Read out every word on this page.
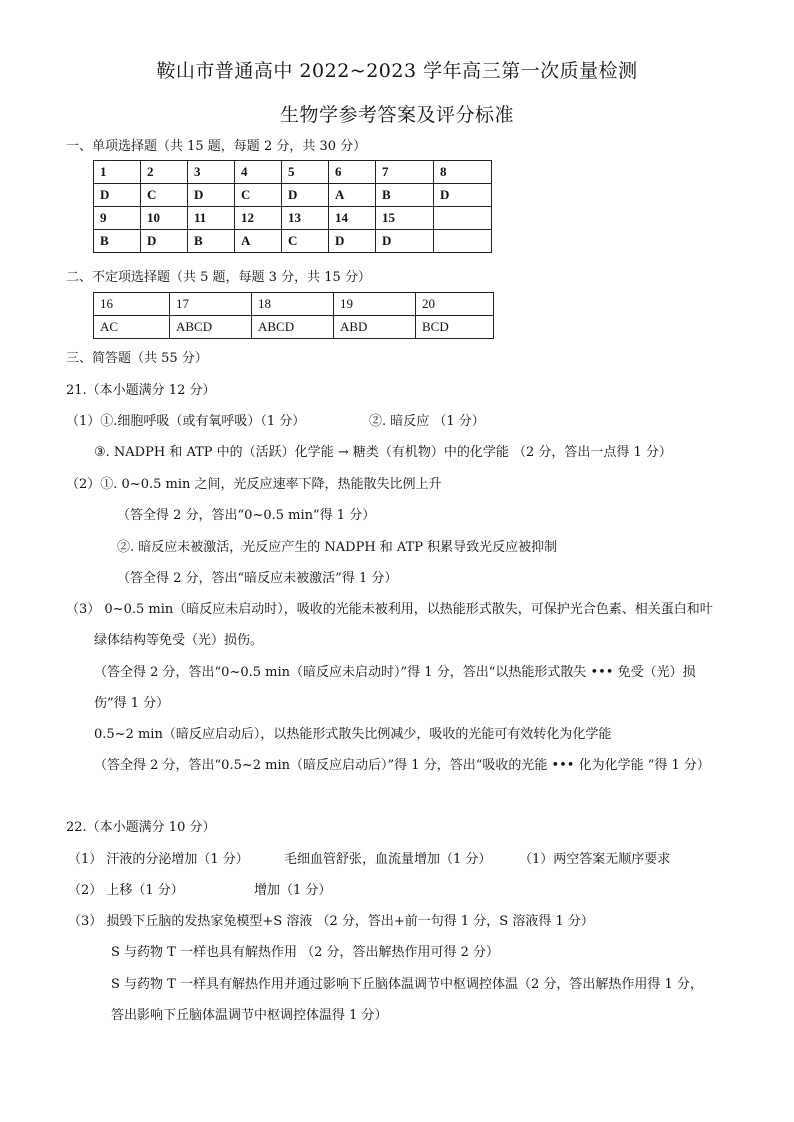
鞍山市普通高中 2022~2023 学年高三第一次质量检测
生物学参考答案及评分标准
一、单项选择题（共 15 题，每题 2 分，共 30 分）
1	2	3	4	5	6	7	8
D	C	D	C	D	A	B	D
9	10	11	12	13	14	15	
B	D	B	A	C	D	D	
二、不定项选择题（共 5 题，每题 3 分，共 15 分）
16	17	18	19	20
AC	ABCD	ABCD	ABD	BCD
三、简答题（共 55 分）
21.（本小题满分 12 分）
（1）①.细胞呼吸（或有氧呼吸）（1 分）	②. 暗反应 （1 分）
③. NADPH 和 ATP 中的（活跃）化学能 → 糖类（有机物）中的化学能 （2 分，答出一点得 1 分）
（2）①. 0~0.5 min 之间，光反应速率下降，热能散失比例上升
（答全得 2 分，答出“0~0.5 min”得 1 分）
②. 暗反应未被激活，光反应产生的 NADPH 和 ATP 积累导致光反应被抑制
（答全得 2 分，答出“暗反应未被激活”得 1 分）
（3） 0~0.5 min（暗反应未启动时），吸收的光能未被利用，以热能形式散失，可保护光合色素、相关蛋白和叶
绿体结构等免受（光）损伤。
（答全得 2 分，答出“0~0.5 min（暗反应未启动时）”得 1 分，答出“以热能形式散失 ••• 免受（光）损
伤”得 1 分）
0.5~2 min（暗反应启动后），以热能形式散失比例减少，吸收的光能可有效转化为化学能
（答全得 2 分，答出“0.5~2 min（暗反应启动后）”得 1 分，答出“吸收的光能 ••• 化为化学能 ”得 1 分）
22.（本小题满分 10 分）
（1） 汗液的分泌增加（1 分）	毛细血管舒张，血流量增加（1 分） （1）两空答案无顺序要求
（2） 上移（1 分）	增加（1 分）
（3） 损毁下丘脑的发热家兔模型+S 溶液 （2 分，答出+前一句得 1 分，S 溶液得 1 分）
S 与药物 T 一样也具有解热作用 （2 分，答出解热作用可得 2 分）
S 与药物 T 一样具有解热作用并通过影响下丘脑体温调节中枢调控体温（2 分，答出解热作用得 1 分，
答出影响下丘脑体温调节中枢调控体温得 1 分）
